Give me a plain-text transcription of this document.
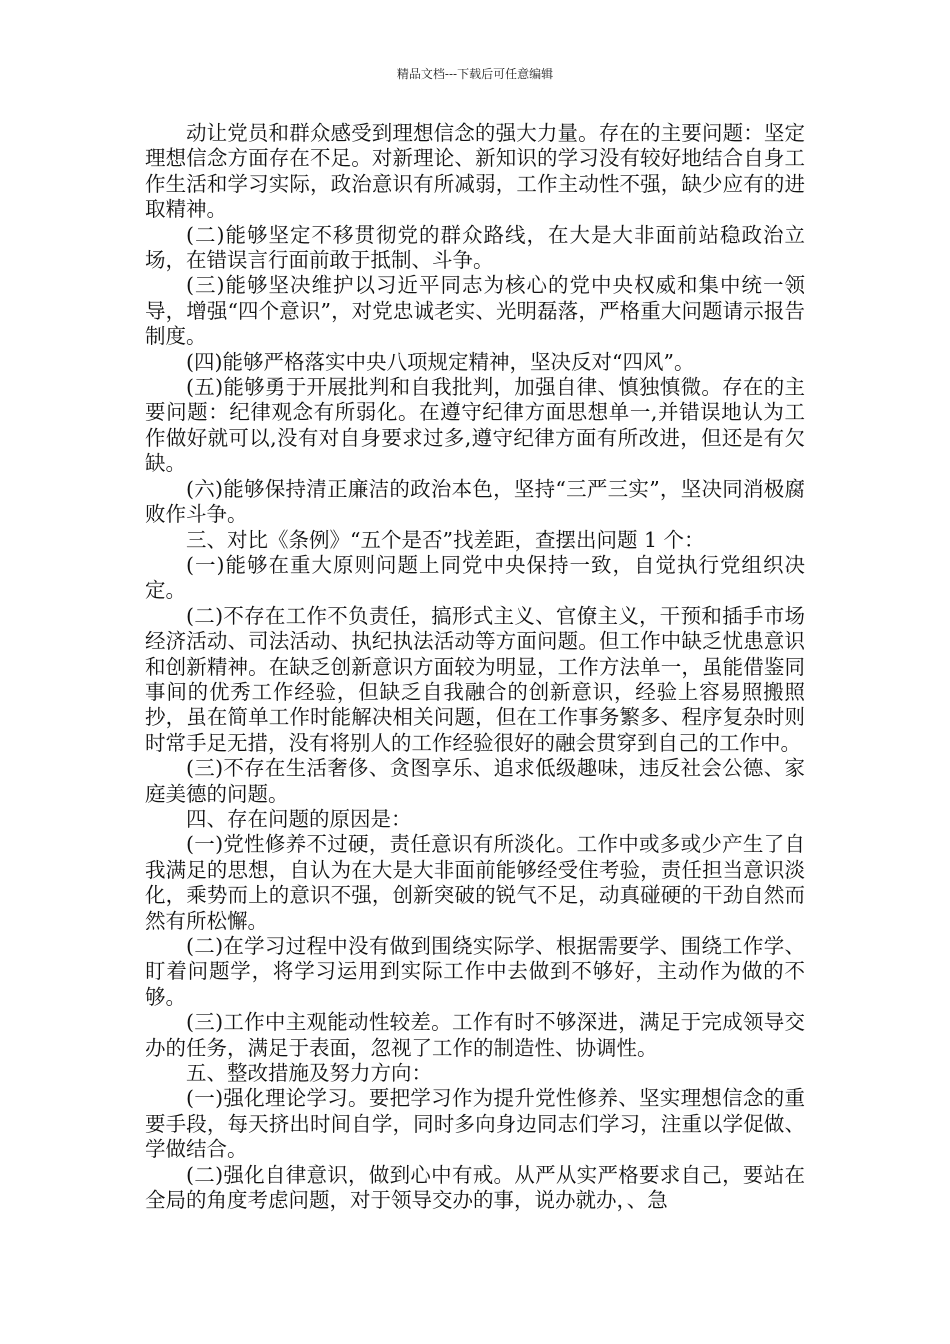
精品文档---下载后可任意编辑

动让党员和群众感受到理想信念的强大力量。存在的主要问题：坚定理想信念方面存在不足。对新理论、新知识的学习没有较好地结合自身工作生活和学习实际，政治意识有所减弱，工作主动性不强，缺少应有的进取精神。

(二)能够坚定不移贯彻党的群众路线，在大是大非面前站稳政治立场，在错误言行面前敢于抵制、斗争。

(三)能够坚决维护以习近平同志为核心的党中央权威和集中统一领导，增强“四个意识”，对党忠诚老实、光明磊落，严格重大问题请示报告制度。

(四)能够严格落实中央八项规定精神，坚决反对“四风”。

(五)能够勇于开展批判和自我批判，加强自律、慎独慎微。存在的主要问题：纪律观念有所弱化。在遵守纪律方面思想单一,并错误地认为工作做好就可以,没有对自身要求过多,遵守纪律方面有所改进，但还是有欠缺。

(六)能够保持清正廉洁的政治本色，坚持“三严三实”，坚决同消极腐败作斗争。

三、对比《条例》“五个是否”找差距，查摆出问题 1 个：

(一)能够在重大原则问题上同党中央保持一致，自觉执行党组织决定。

(二)不存在工作不负责任，搞形式主义、官僚主义，干预和插手市场经济活动、司法活动、执纪执法活动等方面问题。但工作中缺乏忧患意识和创新精神。在缺乏创新意识方面较为明显，工作方法单一，虽能借鉴同事间的优秀工作经验，但缺乏自我融合的创新意识，经验上容易照搬照抄，虽在简单工作时能解决相关问题，但在工作事务繁多、程序复杂时则时常手足无措，没有将别人的工作经验很好的融会贯穿到自己的工作中。

(三)不存在生活奢侈、贪图享乐、追求低级趣味，违反社会公德、家庭美德的问题。

四、存在问题的原因是：

(一)党性修养不过硬，责任意识有所淡化。工作中或多或少产生了自我满足的思想，自认为在大是大非面前能够经受住考验，责任担当意识淡化，乘势而上的意识不强，创新突破的锐气不足，动真碰硬的干劲自然而然有所松懈。

(二)在学习过程中没有做到围绕实际学、根据需要学、围绕工作学、盯着问题学，将学习运用到实际工作中去做到不够好，主动作为做的不够。

(三)工作中主观能动性较差。工作有时不够深进，满足于完成领导交办的任务，满足于表面，忽视了工作的制造性、协调性。

五、整改措施及努力方向：

(一)强化理论学习。要把学习作为提升党性修养、坚实理想信念的重要手段，每天挤出时间自学，同时多向身边同志们学习，注重以学促做、学做结合。

(二)强化自律意识，做到心中有戒。从严从实严格要求自己，要站在全局的角度考虑问题，对于领导交办的事，说办就办，、急
